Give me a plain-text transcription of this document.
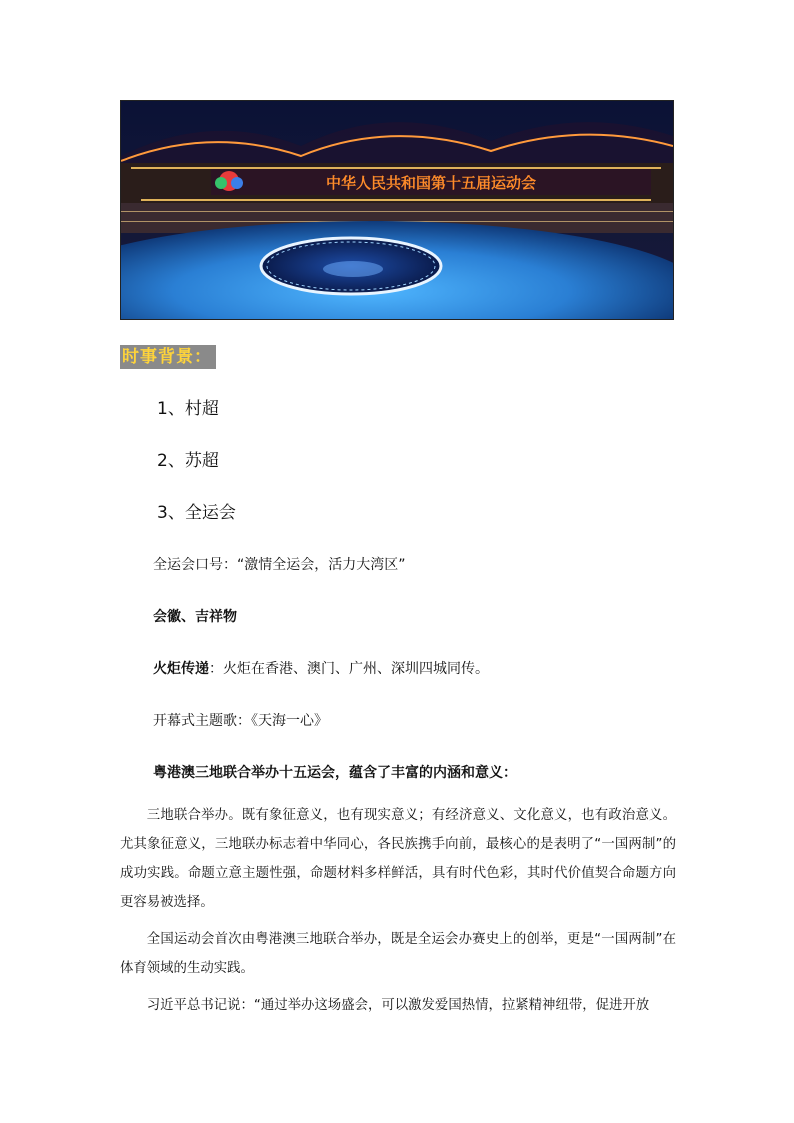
中华人民共和国第十五届运动会
时事背景：
1、村超
2、苏超
3、全运会
全运会口号：“激情全运会，活力大湾区”
会徽、吉祥物
火炬传递：火炬在香港、澳门、广州、深圳四城同传。
开幕式主题歌：《天海一心》
粤港澳三地联合举办十五运会，蕴含了丰富的内涵和意义：

三地联合举办。既有象征意义，也有现实意义；有经济意义、文化意义，也有政治意义。尤其象征意义，三地联办标志着中华同心，各民族携手向前，最核心的是表明了“一国两制”的成功实践。命题立意主题性强，命题材料多样鲜活，具有时代色彩，其时代价值契合命题方向更容易被选择。

全国运动会首次由粤港澳三地联合举办，既是全运会办赛史上的创举，更是“一国两制”在体育领域的生动实践。

习近平总书记说：“通过举办这场盛会，可以激发爱国热情，拉紧精神纽带，促进开放
